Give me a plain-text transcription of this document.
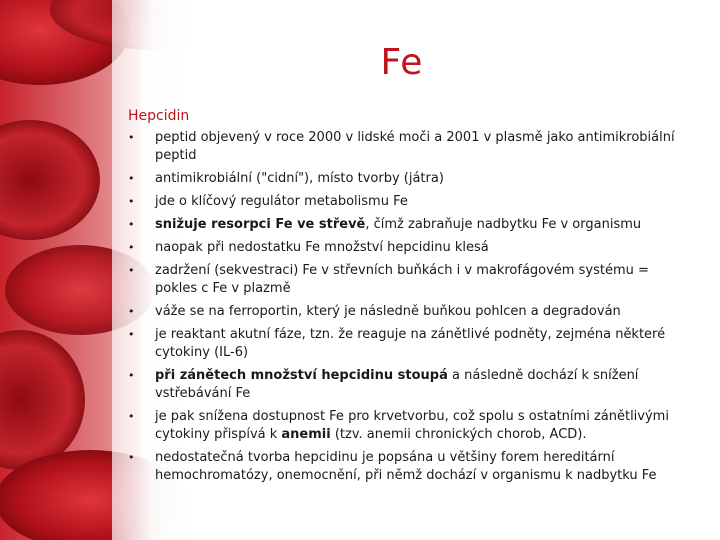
Fe

Hepcidin

• peptid objevený v roce 2000 v lidské moči a 2001 v plasmě jako antimikrobiální peptid
• antimikrobiální ("cidní"), místo tvorby (játra)
• jde o klíčový regulátor metabolismu Fe
• snižuje resorpci Fe ve střevě, čímž zabraňuje nadbytku Fe v organismu
• naopak při nedostatku Fe množství hepcidinu klesá
• zadržení (sekvestraci) Fe v střevních buňkách i v makrofágovém systému = pokles c Fe v plazmě
• váže se na ferroportin, který je následně buňkou pohlcen a degradován
• je reaktant akutní fáze, tzn. že reaguje na zánětlivé podněty, zejména některé cytokiny (IL-6)
• při zánětech množství hepcidinu stoupá a následně dochází k snížení vstřebávání Fe
• je pak snížena dostupnost Fe pro krvetvorbu, což spolu s ostatními zánětlivými cytokiny přispívá k anemii (tzv. anemii chronických chorob, ACD).
• nedostatečná tvorba hepcidinu je popsána u většiny forem hereditární hemochromatózy, onemocnění, při němž dochází v organismu k nadbytku Fe
